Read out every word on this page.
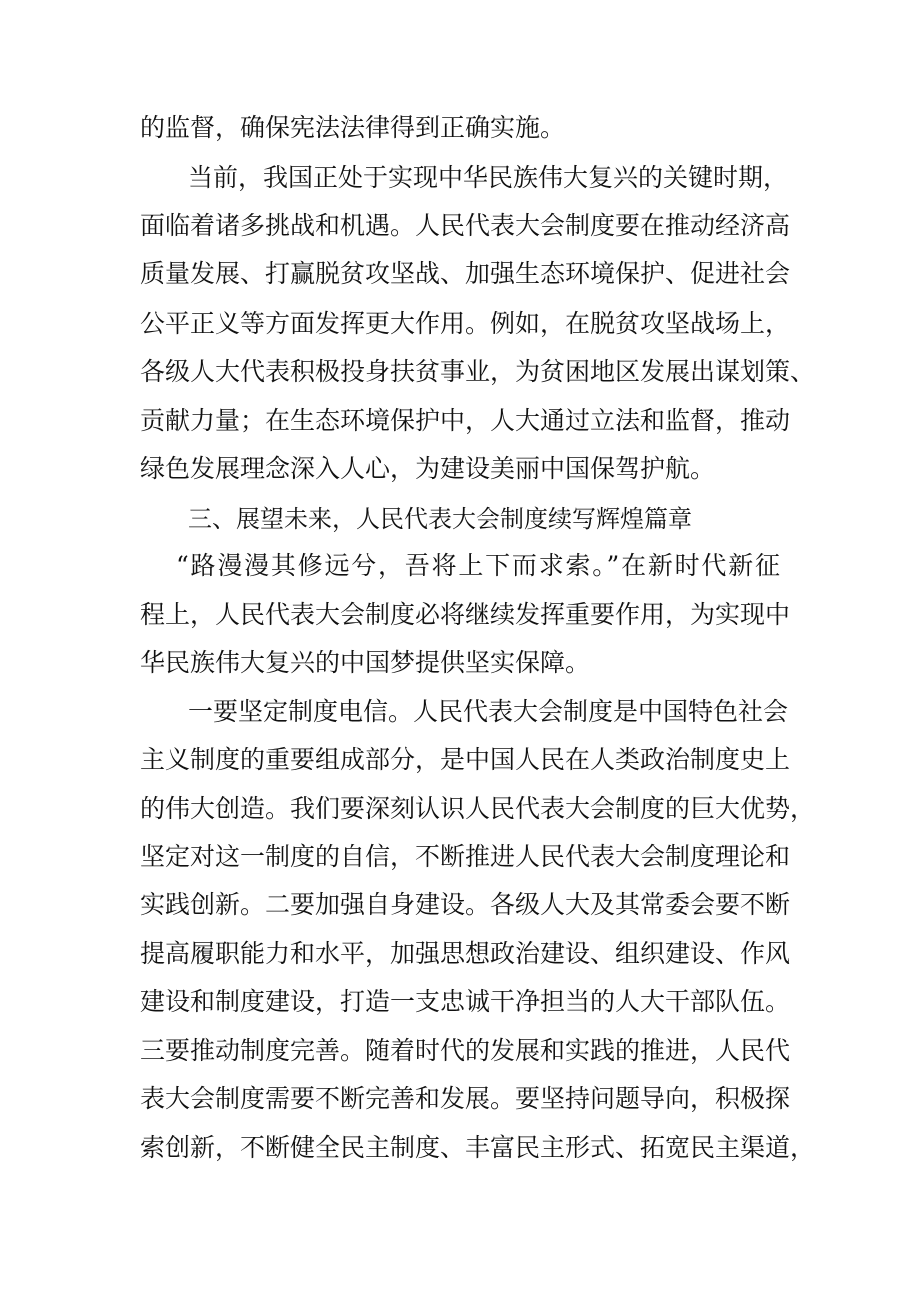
的监督，确保宪法法律得到正确实施。
当前，我国正处于实现中华民族伟大复兴的关键时期，
面临着诸多挑战和机遇。人民代表大会制度要在推动经济高
质量发展、打赢脱贫攻坚战、加强生态环境保护、促进社会
公平正义等方面发挥更大作用。例如，在脱贫攻坚战场上，
各级人大代表积极投身扶贫事业，为贫困地区发展出谋划策、
贡献力量；在生态环境保护中，人大通过立法和监督，推动
绿色发展理念深入人心，为建设美丽中国保驾护航。
三、展望未来，人民代表大会制度续写辉煌篇章
“路漫漫其修远兮，吾将上下而求索。”在新时代新征
程上，人民代表大会制度必将继续发挥重要作用，为实现中
华民族伟大复兴的中国梦提供坚实保障。
一要坚定制度电信。人民代表大会制度是中国特色社会
主义制度的重要组成部分，是中国人民在人类政治制度史上
的伟大创造。我们要深刻认识人民代表大会制度的巨大优势，
坚定对这一制度的自信，不断推进人民代表大会制度理论和
实践创新。二要加强自身建设。各级人大及其常委会要不断
提高履职能力和水平，加强思想政治建设、组织建设、作风
建设和制度建设，打造一支忠诚干净担当的人大干部队伍。
三要推动制度完善。随着时代的发展和实践的推进，人民代
表大会制度需要不断完善和发展。要坚持问题导向，积极探
索创新，不断健全民主制度、丰富民主形式、拓宽民主渠道，
